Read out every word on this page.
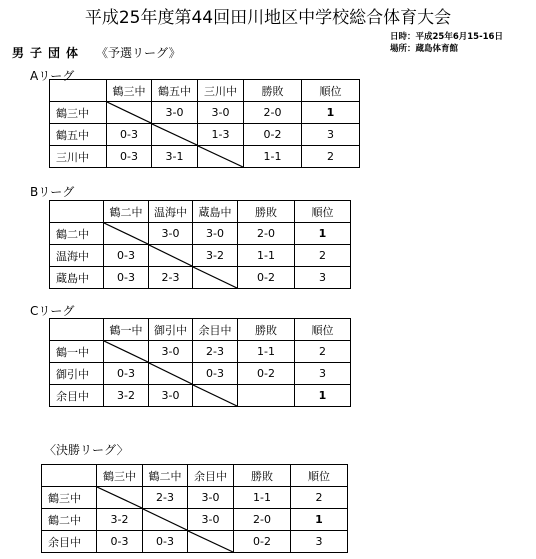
平成25年度第44回田川地区中学校総合体育大会
日時：平成25年6月15-16日
場所：蔵島体育館
男子団体 《予選リーグ》
Aリーグ
	鶴三中	鶴五中	三川中	勝敗	順位
鶴三中		3-0	3-0	2-0	1
鶴五中	0-3		1-3	0-2	3
三川中	0-3	3-1		1-1	2
Bリーグ
	鶴二中	温海中	蔵島中	勝敗	順位
鶴二中		3-0	3-0	2-0	1
温海中	0-3		3-2	1-1	2
蔵島中	0-3	2-3		0-2	3
Cリーグ
	鶴一中	御引中	余目中	勝敗	順位
鶴一中		3-0	2-3	1-1	2
御引中	0-3		0-3	0-2	3
余目中	3-2	3-0			1
〈決勝リーグ〉
	鶴三中	鶴二中	余目中	勝敗	順位
鶴三中		2-3	3-0	1-1	2
鶴二中	3-2		3-0	2-0	1
余目中	0-3	0-3		0-2	3
